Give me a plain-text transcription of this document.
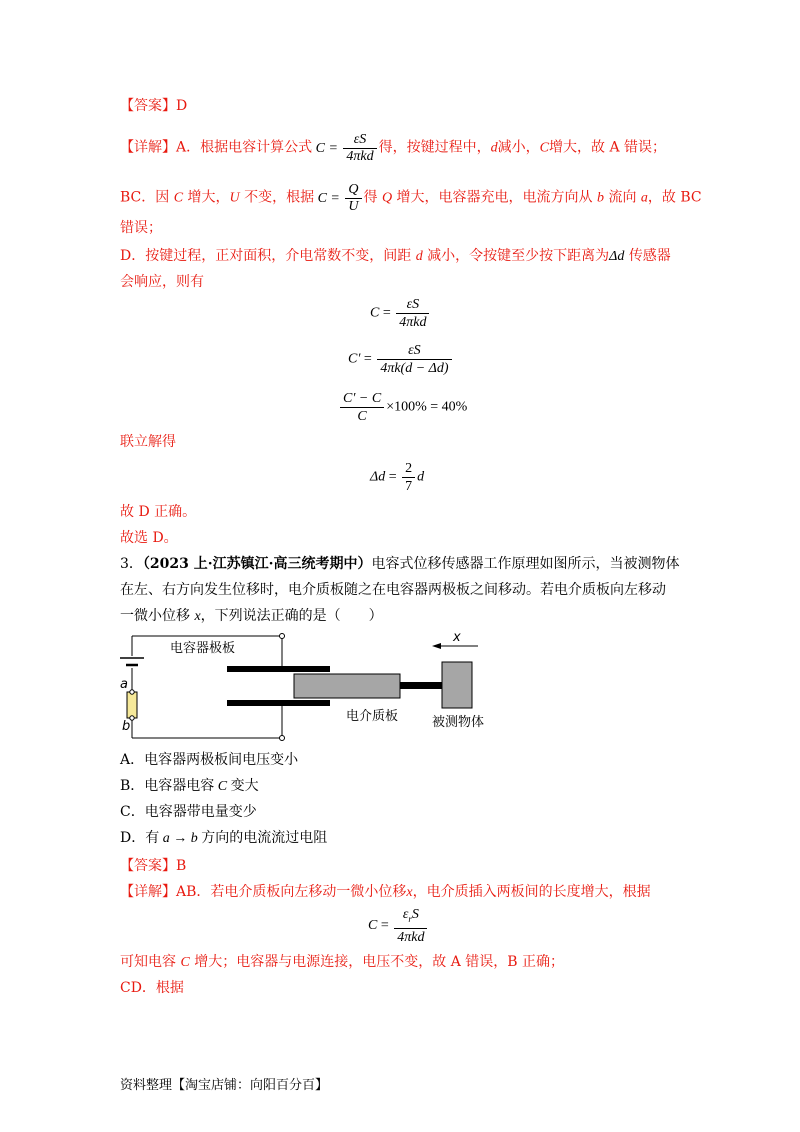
【答案】D
【详解】A．根据电容计算公式 $C = \frac{\varepsilon S}{\text{4πkd}}$ 得，按键过程中，d减小，C增大，故 A 错误；
BC．因 C 增大，U 不变，根据 $C = \frac{Q}{U}$ 得 Q 增大，电容器充电，电流方向从 b 流向 a，故 BC
错误；
D．按键过程，正对面积，介电常数不变，间距 d 减小，令按键至少按下距离为Δd 传感器
会响应，则有
$C = \frac{\varepsilon S}{\text{4πkd}}$
$C' = \frac{\varepsilon S}{4\pi k(d - \Delta d)}$
$\frac{C' - C}{C} \times 100\% = 40\%$
联立解得
$\Delta d = \frac{2}{7}$ d
故 D 正确。
故选 D。
3．（2023 上·江苏镇江·高三统考期中）电容式位移传感器工作原理如图所示，当被测物体
在左、右方向发生位移时，电介质板随之在电容器两极板之间移动。若电介质板向左移动
一微小位移 x，下列说法正确的是（　　）
a
b
x
电容器极板
电介质板	被测物体
A．电容器两极板间电压变小
B．电容器电容 C 变大
C．电容器带电量变少
D．有 a → b 方向的电流流过电阻
【答案】B
【详解】AB．若电介质板向左移动一微小位移x，电介质插入两板间的长度增大，根据
$C = \frac{\varepsilon_rS}{\text{4πkd}}$
可知电容 C 增大；电容器与电源连接，电压不变，故 A 错误，B 正确；
CD．根据
资料整理【淘宝店铺：向阳百分百】
